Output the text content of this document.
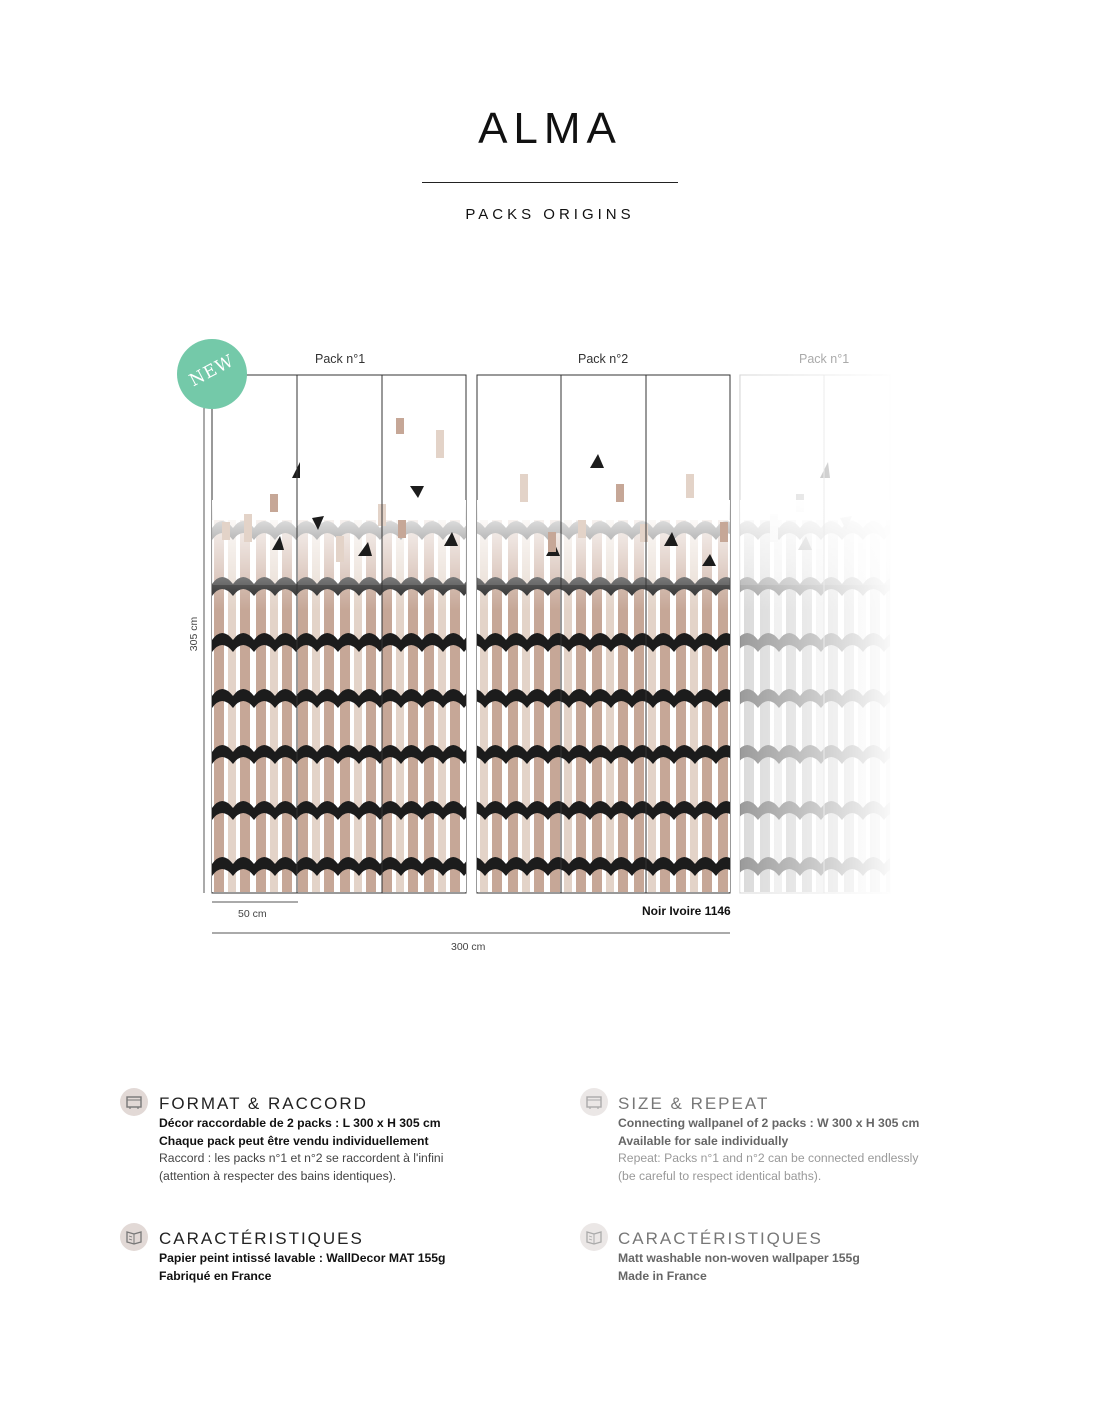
ALMA
PACKS ORIGINS
Pack n°1	Pack n°2	Pack n°1
NEW
305 cm
50 cm
300 cm
Noir Ivoire 1146
FORMAT & RACCORD
Décor raccordable de 2 packs : L 300 x H 305 cm
Chaque pack peut être vendu individuellement
Raccord : les packs n°1 et n°2 se raccordent à l'infini
(attention à respecter des bains identiques).
SIZE & REPEAT
Connecting wallpanel of 2 packs : W 300 x H 305 cm
Available for sale individually
Repeat: Packs n°1 and n°2 can be connected endlessly
(be careful to respect identical baths).
CARACTÉRISTIQUES
Papier peint intissé lavable : WallDecor MAT 155g
Fabriqué en France
CARACTÉRISTIQUES
Matt washable non-woven wallpaper 155g
Made in France
